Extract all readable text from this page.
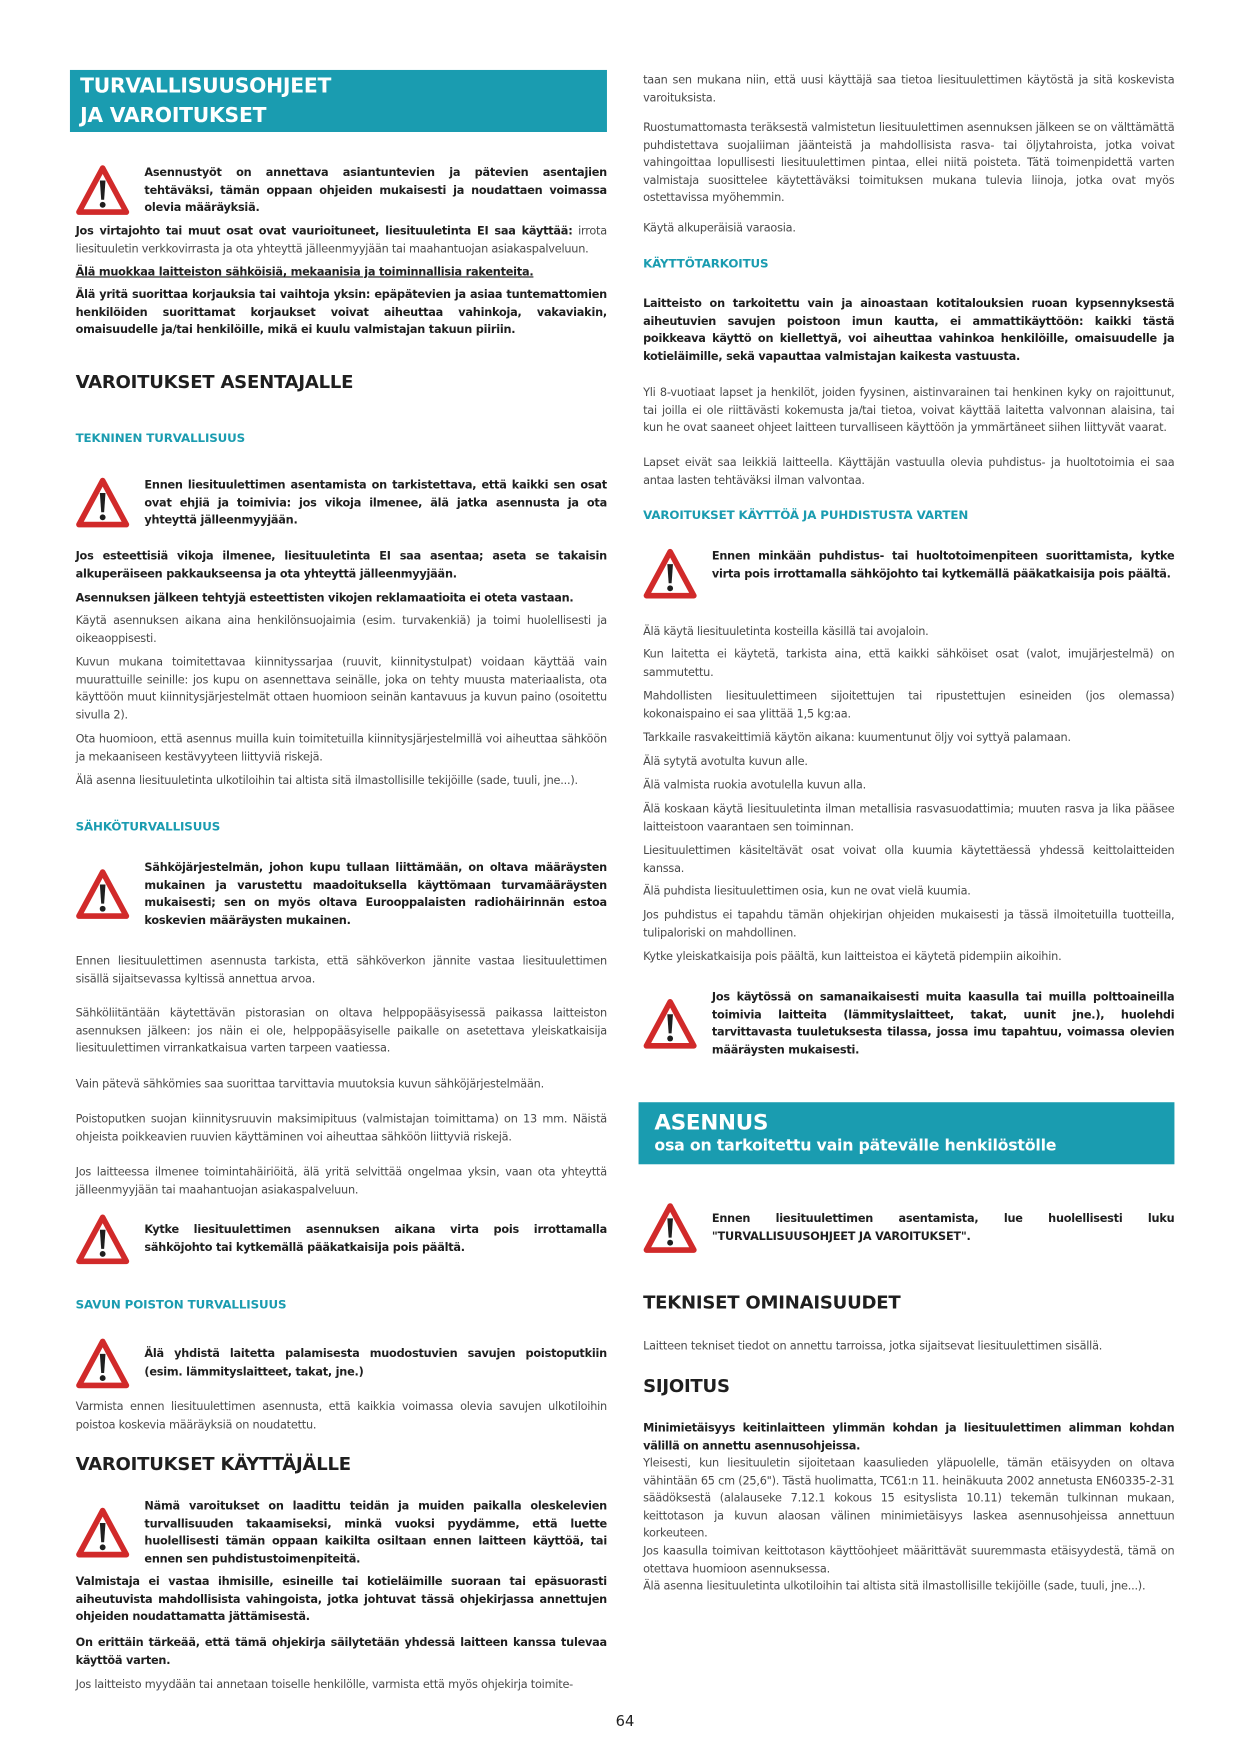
TURVALLISUUSOHJEET
JA VAROITUKSET
Asennustyöt on annettava asiantuntevien ja pätevien asentajien tehtäväksi, tämän oppaan ohjeiden mukaisesti ja noudattaen voimassa olevia määräyksiä.

Jos virtajohto tai muut osat ovat vaurioituneet, liesituuletinta EI saa käyttää: irrota liesituuletin verkkovirrasta ja ota yhteyttä jälleenmyyjään tai maahantuojan asiakaspalveluun.

Älä muokkaa laitteiston sähköisiä, mekaanisia ja toiminnallisia rakenteita.

Älä yritä suorittaa korjauksia tai vaihtoja yksin: epäpätevien ja asiaa tuntemattomien henkilöiden suorittamat korjaukset voivat aiheuttaa vahinkoja, vakaviakin, omaisuudelle ja/tai henkilöille, mikä ei kuulu valmistajan takuun piiriin.

VAROITUKSET ASENTAJALLE
TEKNINEN TURVALLISUUS
Ennen liesituulettimen asentamista on tarkistettava, että kaikki sen osat ovat ehjiä ja toimivia: jos vikoja ilmenee, älä jatka asennusta ja ota yhteyttä jälleenmyyjään.

Jos esteettisiä vikoja ilmenee, liesituuletinta EI saa asentaa; aseta se takaisin alkuperäiseen pakkaukseensa ja ota yhteyttä jälleenmyyjään.

Asennuksen jälkeen tehtyjä esteettisten vikojen reklamaatioita ei oteta vastaan.

Käytä asennuksen aikana aina henkilönsuojaimia (esim. turvakenkiä) ja toimi huolellisesti ja oikeaoppisesti.

Kuvun mukana toimitettavaa kiinnityssarjaa (ruuvit, kiinnitystulpat) voidaan käyttää vain muurattuille seinille: jos kupu on asennettava seinälle, joka on tehty muusta materiaalista, ota käyttöön muut kiinnitysjärjestelmät ottaen huomioon seinän kantavuus ja kuvun paino (osoitettu sivulla 2).

Ota huomioon, että asennus muilla kuin toimitetuilla kiinnitysjärjestelmillä voi aiheuttaa sähköön ja mekaaniseen kestävyyteen liittyviä riskejä.

Älä asenna liesituuletinta ulkotiloihin tai altista sitä ilmastollisille tekijöille (sade, tuuli, jne...).

SÄHKÖTURVALLISUUS
Sähköjärjestelmän, johon kupu tullaan liittämään, on oltava määräysten mukainen ja varustettu maadoituksella käyttömaan turvamääräysten mukaisesti; sen on myös oltava Eurooppalaisten radiohäirinnän estoa koskevien määräysten mukainen.

Ennen liesituulettimen asennusta tarkista, että sähköverkon jännite vastaa liesituulettimen sisällä sijaitsevassa kyltissä annettua arvoa.

Sähköliitäntään käytettävän pistorasian on oltava helppopääsyisessä paikassa laitteiston asennuksen jälkeen: jos näin ei ole, helppopääsyiselle paikalle on asetettava yleiskatkaisija liesituulettimen virrankatkaisua varten tarpeen vaatiessa.

Vain pätevä sähkömies saa suorittaa tarvittavia muutoksia kuvun sähköjärjestelmään.

Poistoputken suojan kiinnitysruuvin maksimipituus (valmistajan toimittama) on 13 mm. Näistä ohjeista poikkeavien ruuvien käyttäminen voi aiheuttaa sähköön liittyviä riskejä.

Jos laitteessa ilmenee toimintahäiriöitä, älä yritä selvittää ongelmaa yksin, vaan ota yhteyttä jälleenmyyjään tai maahantuojan asiakaspalveluun.

Kytke liesituulettimen asennuksen aikana virta pois irrottamalla sähköjohto tai kytkemällä pääkatkaisija pois päältä.
SAVUN POISTON TURVALLISUUS
Älä yhdistä laitetta palamisesta muodostuvien savujen poistoputkiin (esim. lämmityslaitteet, takat, jne.)

Varmista ennen liesituulettimen asennusta, että kaikkia voimassa olevia savujen ulkotiloihin poistoa koskevia määräyksiä on noudatettu.

VAROITUKSET KÄYTTÄJÄLLE
Nämä varoitukset on laadittu teidän ja muiden paikalla oleskelevien turvallisuuden takaamiseksi, minkä vuoksi pyydämme, että luette huolellisesti tämän oppaan kaikilta osiltaan ennen laitteen käyttöä, tai ennen sen puhdistustoimenpiteitä.

Valmistaja ei vastaa ihmisille, esineille tai kotieläimille suoraan tai epäsuorasti aiheutuvista mahdollisista vahingoista, jotka johtuvat tässä ohjekirjassa annettujen ohjeiden noudattamatta jättämisestä.

On erittäin tärkeää, että tämä ohjekirja säilytetään yhdessä laitteen kanssa tulevaa käyttöä varten.

Jos laitteisto myydään tai annetaan toiselle henkilölle, varmista että myös ohjekirja toimite-

taan sen mukana niin, että uusi käyttäjä saa tietoa liesituulettimen käytöstä ja sitä koskevista varoituksista.

Ruostumattomasta teräksestä valmistetun liesituulettimen asennuksen jälkeen se on välttämättä puhdistettava suojaliiman jäänteistä ja mahdollisista rasva- tai öljytahroista, jotka voivat vahingoittaa lopullisesti liesituulettimen pintaa, ellei niitä poisteta. Tätä toimenpidettä varten valmistaja suosittelee käytettäväksi toimituksen mukana tulevia liinoja, jotka ovat myös ostettavissa myöhemmin.

Käytä alkuperäisiä varaosia.

KÄYTTÖTARKOITUS

Laitteisto on tarkoitettu vain ja ainoastaan kotitalouksien ruoan kypsennyksestä aiheutuvien savujen poistoon imun kautta, ei ammattikäyttöön: kaikki tästä poikkeava käyttö on kiellettyä, voi aiheuttaa vahinkoa henkilöille, omaisuudelle ja kotieläimille, sekä vapauttaa valmistajan kaikesta vastuusta.

Yli 8-vuotiaat lapset ja henkilöt, joiden fyysinen, aistinvarainen tai henkinen kyky on rajoittunut, tai joilla ei ole riittävästi kokemusta ja/tai tietoa, voivat käyttää laitetta valvonnan alaisina, tai kun he ovat saaneet ohjeet laitteen turvalliseen käyttöön ja ymmärtäneet siihen liittyvät vaarat.

Lapset eivät saa leikkiä laitteella. Käyttäjän vastuulla olevia puhdistus- ja huoltotoimia ei saa antaa lasten tehtäväksi ilman valvontaa.

VAROITUKSET KÄYTTÖÄ JA PUHDISTUSTA VARTEN
Ennen minkään puhdistus- tai huoltotoimenpiteen suorittamista, kytke virta pois irrottamalla sähköjohto tai kytkemällä pääkatkaisija pois päältä.

Älä käytä liesituuletinta kosteilla käsillä tai avojaloin.

Kun laitetta ei käytetä, tarkista aina, että kaikki sähköiset osat (valot, imujärjestelmä) on sammutettu.

Mahdollisten liesituulettimeen sijoitettujen tai ripustettujen esineiden (jos olemassa) kokonaispaino ei saa ylittää 1,5 kg:aa.

Tarkkaile rasvakeittimiä käytön aikana: kuumentunut öljy voi syttyä palamaan.

Älä sytytä avotulta kuvun alle.

Älä valmista ruokia avotulella kuvun alla.

Älä koskaan käytä liesituuletinta ilman metallisia rasvasuodattimia; muuten rasva ja lika pääsee laitteistoon vaarantaen sen toiminnan.

Liesituulettimen käsiteltävät osat voivat olla kuumia käytettäessä yhdessä keittolaitteiden kanssa.

Älä puhdista liesituulettimen osia, kun ne ovat vielä kuumia.

Jos puhdistus ei tapahdu tämän ohjekirjan ohjeiden mukaisesti ja tässä ilmoitetuilla tuotteilla, tulipaloriski on mahdollinen.

Kytke yleiskatkaisija pois päältä, kun laitteistoa ei käytetä pidempiin aikoihin.

Jos käytössä on samanaikaisesti muita kaasulla tai muilla polttoaineilla toimivia laitteita (lämmityslaitteet, takat, uunit jne.), huolehdi tarvittavasta tuuletuksesta tilassa, jossa imu tapahtuu, voimassa olevien määräysten mukaisesti.
ASENNUS
osa on tarkoitettu vain pätevälle henkilöstölle
Ennen liesituulettimen asentamista, lue huolellisesti luku "TURVALLISUUSOHJEET JA VAROITUKSET".
TEKNISET OMINAISUUDET

Laitteen tekniset tiedot on annettu tarroissa, jotka sijaitsevat liesituulettimen sisällä.

SIJOITUS

Minimietäisyys keitinlaitteen ylimmän kohdan ja liesituulettimen alimman kohdan välillä on annettu asennusohjeissa.

Yleisesti, kun liesituuletin sijoitetaan kaasulieden yläpuolelle, tämän etäisyyden on oltava vähintään 65 cm (25,6"). Tästä huolimatta, TC61:n 11. heinäkuuta 2002 annetusta EN60335-2-31 säädöksestä (alalauseke 7.12.1 kokous 15 esityslista 10.11) tekemän tulkinnan mukaan, keittotason ja kuvun alaosan välinen minimietäisyys laskea asennusohjeissa annettuun korkeuteen.

Jos kaasulla toimivan keittotason käyttöohjeet määrittävät suuremmasta etäisyydestä, tämä on otettava huomioon asennuksessa.

Älä asenna liesituuletinta ulkotiloihin tai altista sitä ilmastollisille tekijöille (sade, tuuli, jne...).

64
